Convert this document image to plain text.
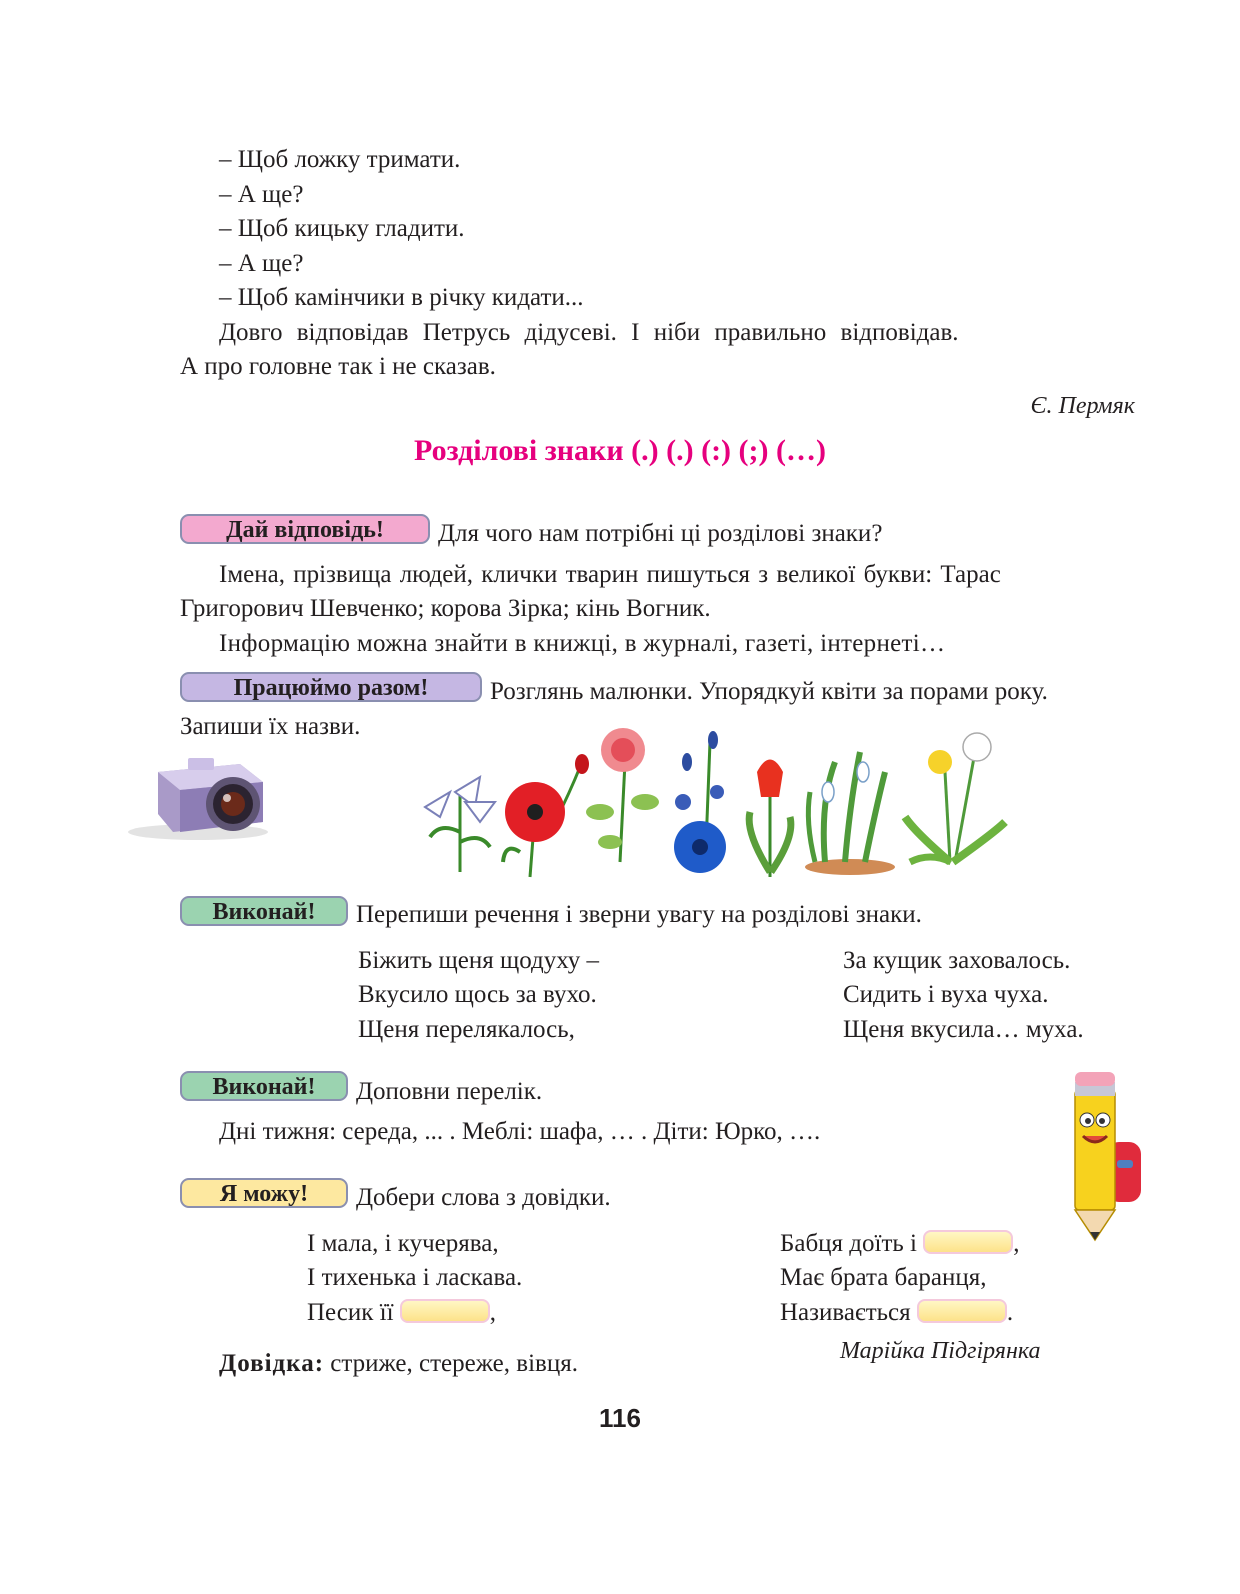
– Щоб ложку тримати.
– А ще?
– Щоб кицьку гладити.
– А ще?
– Щоб камінчики в річку кидати...
Довго відповідав Петрусь дідусеві. І ніби правильно відповідав.
А про головне так і не сказав.
Є. Пермяк
Розділові знаки (.) (.) (:) (;) (…)
Дай відповідь!	Для чого нам потрібні ці розділові знаки?
Імена, прізвища людей, клички тварин пишуться з великої букви: Тарас
Григорович Шевченко; корова Зірка; кінь Вогник.
Інформацію можна знайти в книжці, в журналі, газеті, інтернеті…
Працюймо разом!	Розглянь малюнки. Упорядкуй квіти за порами року.
Запиши їх назви.
Виконай!	Перепиши речення і зверни увагу на розділові знаки.
Біжить щеня щодуху –
Вкусило щось за вухо.
Щеня перелякалось,
За кущик заховалось.
Сидить і вуха чуха.
Щеня вкусила… муха.
Виконай!	Доповни перелік.
Дні тижня: середа, ... . Меблі: шафа, … . Діти: Юрко, ….
Я можу!	Добери слова з довідки.
І мала, і кучерява,
І тихенька і ласкава.
Песик її	,
Бабця доїть і	,
Має брата баранця,
Називається	.
Марійка Підгірянка
Довідка: стриже, стереже, вівця.
116
